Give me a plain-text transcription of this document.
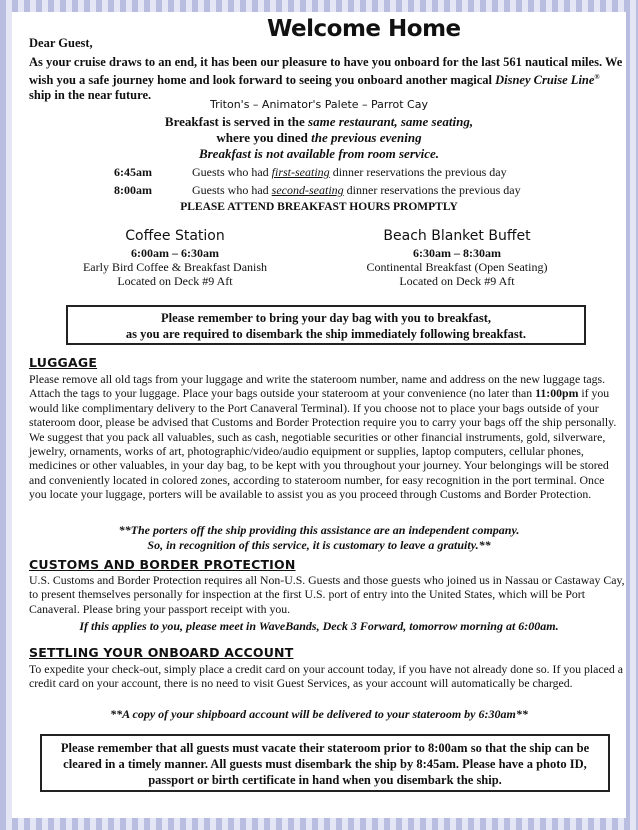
Welcome Home
Dear Guest,
As your cruise draws to an end, it has been our pleasure to have you onboard for the last 561 nautical miles. We wish you a safe journey home and look forward to seeing you onboard another magical Disney Cruise Line® ship in the near future.
Triton's – Animator's Palete – Parrot Cay
Breakfast is served in the same restaurant, same seating,
where you dined the previous evening
Breakfast is not available from room service.
6:45am	Guests who had first-seating dinner reservations the previous day
8:00am	Guests who had second-seating dinner reservations the previous day
PLEASE ATTEND BREAKFAST HOURS PROMPTLY
Coffee Station
6:00am – 6:30am
Early Bird Coffee & Breakfast Danish
Located on Deck #9 Aft
Beach Blanket Buffet
6:30am – 8:30am
Continental Breakfast (Open Seating)
Located on Deck #9 Aft
Please remember to bring your day bag with you to breakfast,
as you are required to disembark the ship immediately following breakfast.
LUGGAGE
Please remove all old tags from your luggage and write the stateroom number, name and address on the new luggage tags. Attach the tags to your luggage. Place your bags outside your stateroom at your convenience (no later than 11:00pm if you would like complimentary delivery to the Port Canaveral Terminal). If you choose not to place your bags outside of your stateroom door, please be advised that Customs and Border Protection require you to carry your bags off the ship personally. We suggest that you pack all valuables, such as cash, negotiable securities or other financial instruments, gold, silverware, jewelry, ornaments, works of art, photographic/video/audio equipment or supplies, laptop computers, cellular phones, medicines or other valuables, in your day bag, to be kept with you throughout your journey. Your belongings will be stored and conveniently located in colored zones, according to stateroom number, for easy recognition in the port terminal. Once you locate your luggage, porters will be available to assist you as you proceed through Customs and Border Protection.
**The porters off the ship providing this assistance are an independent company.
So, in recognition of this service, it is customary to leave a gratuity.**
CUSTOMS AND BORDER PROTECTION
U.S. Customs and Border Protection requires all Non-U.S. Guests and those guests who joined us in Nassau or Castaway Cay, to present themselves personally for inspection at the first U.S. port of entry into the United States, which will be Port Canaveral. Please bring your passport receipt with you.
If this applies to you, please meet in WaveBands, Deck 3 Forward, tomorrow morning at 6:00am.
SETTLING YOUR ONBOARD ACCOUNT
To expedite your check-out, simply place a credit card on your account today, if you have not already done so. If you placed a credit card on your account, there is no need to visit Guest Services, as your account will automatically be charged.
**A copy of your shipboard account will be delivered to your stateroom by 6:30am**
Please remember that all guests must vacate their stateroom prior to 8:00am so that the ship can be
cleared in a timely manner. All guests must disembark the ship by 8:45am. Please have a photo ID,
passport or birth certificate in hand when you disembark the ship.
